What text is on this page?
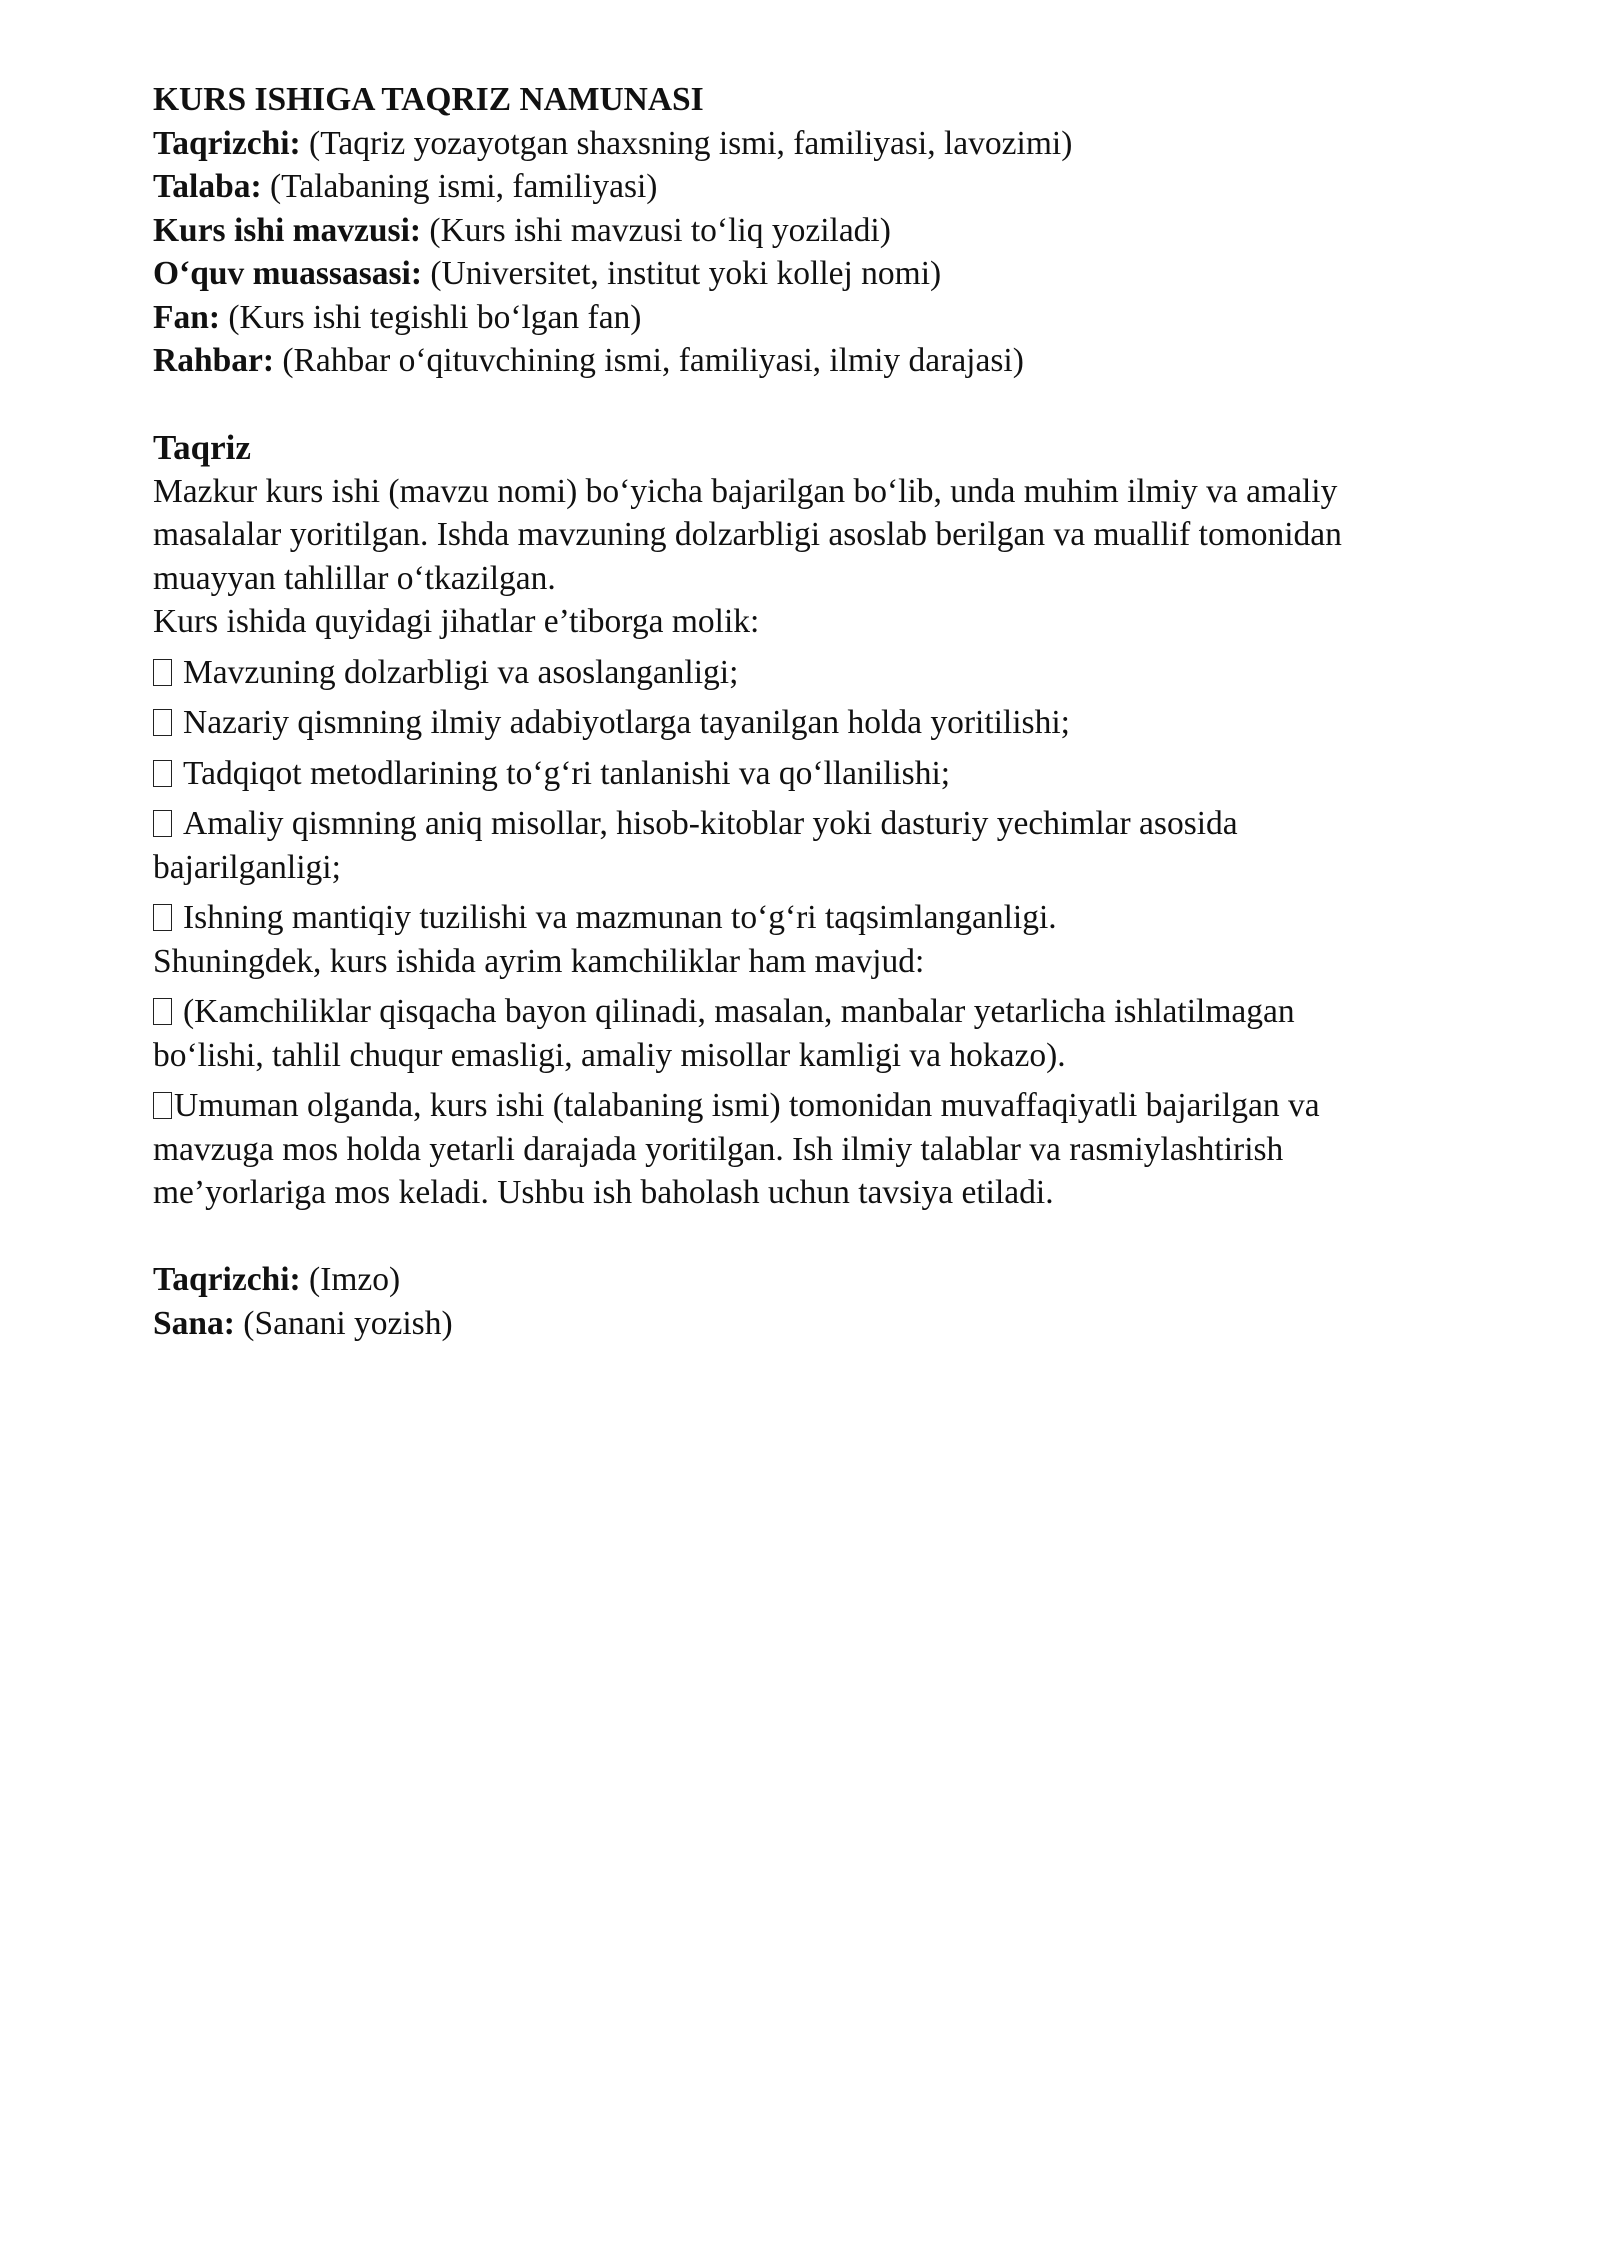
KURS ISHIGA TAQRIZ NAMUNASI
Taqrizchi: (Taqriz yozayotgan shaxsning ismi, familiyasi, lavozimi)
Talaba: (Talabaning ismi, familiyasi)
Kurs ishi mavzusi: (Kurs ishi mavzusi to‘liq yoziladi)
O‘quv muassasasi: (Universitet, institut yoki kollej nomi)
Fan: (Kurs ishi tegishli bo‘lgan fan)
Rahbar: (Rahbar o‘qituvchining ismi, familiyasi, ilmiy darajasi)
Taqriz
Mazkur kurs ishi (mavzu nomi) bo‘yicha bajarilgan bo‘lib, unda muhim ilmiy va amaliy
masalalar yoritilgan. Ishda mavzuning dolzarbligi asoslab berilgan va muallif tomonidan
muayyan tahlillar o‘tkazilgan.
Kurs ishida quyidagi jihatlar e’tiborga molik:
Mavzuning dolzarbligi va asoslanganligi;
Nazariy qismning ilmiy adabiyotlarga tayanilgan holda yoritilishi;
Tadqiqot metodlarining to‘g‘ri tanlanishi va qo‘llanilishi;
Amaliy qismning aniq misollar, hisob-kitoblar yoki dasturiy yechimlar asosida
bajarilganligi;
Ishning mantiqiy tuzilishi va mazmunan to‘g‘ri taqsimlanganligi.
Shuningdek, kurs ishida ayrim kamchiliklar ham mavjud:
(Kamchiliklar qisqacha bayon qilinadi, masalan, manbalar yetarlicha ishlatilmagan
bo‘lishi, tahlil chuqur emasligi, amaliy misollar kamligi va hokazo).
Umuman olganda, kurs ishi (talabaning ismi) tomonidan muvaffaqiyatli bajarilgan va
mavzuga mos holda yetarli darajada yoritilgan. Ish ilmiy talablar va rasmiylashtirish
me’yorlariga mos keladi. Ushbu ish baholash uchun tavsiya etiladi.
Taqrizchi: (Imzo)
Sana: (Sanani yozish)
